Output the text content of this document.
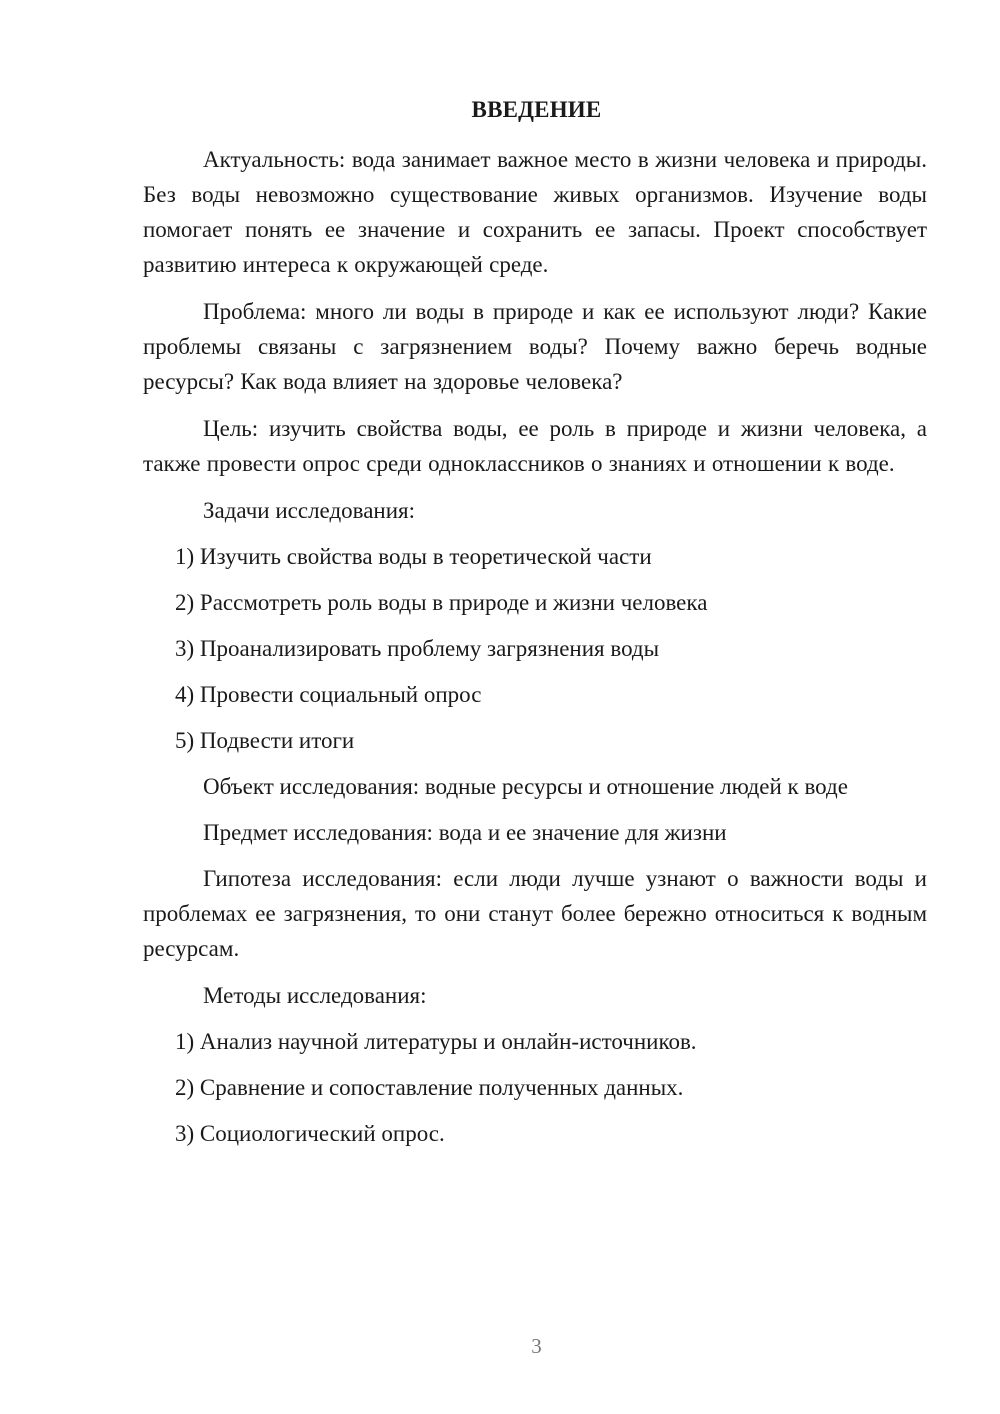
ВВЕДЕНИЕ

Актуальность: вода занимает важное место в жизни человека и природы. Без воды невозможно существование живых организмов. Изучение воды помогает понять ее значение и сохранить ее запасы. Проект способствует развитию интереса к окружающей среде.

Проблема: много ли воды в природе и как ее используют люди? Какие проблемы связаны с загрязнением воды? Почему важно беречь водные ресурсы? Как вода влияет на здоровье человека?

Цель: изучить свойства воды, ее роль в природе и жизни человека, а также провести опрос среди одноклассников о знаниях и отношении к воде.

Задачи исследования:

1) Изучить свойства воды в теоретической части

2) Рассмотреть роль воды в природе и жизни человека

3) Проанализировать проблему загрязнения воды

4) Провести социальный опрос

5) Подвести итоги

Объект исследования: водные ресурсы и отношение людей к воде

Предмет исследования: вода и ее значение для жизни

Гипотеза исследования: если люди лучше узнают о важности воды и проблемах ее загрязнения, то они станут более бережно относиться к водным ресурсам.

Методы исследования:

1) Анализ научной литературы и онлайн-источников.

2) Сравнение и сопоставление полученных данных.

3) Социологический опрос.

3
